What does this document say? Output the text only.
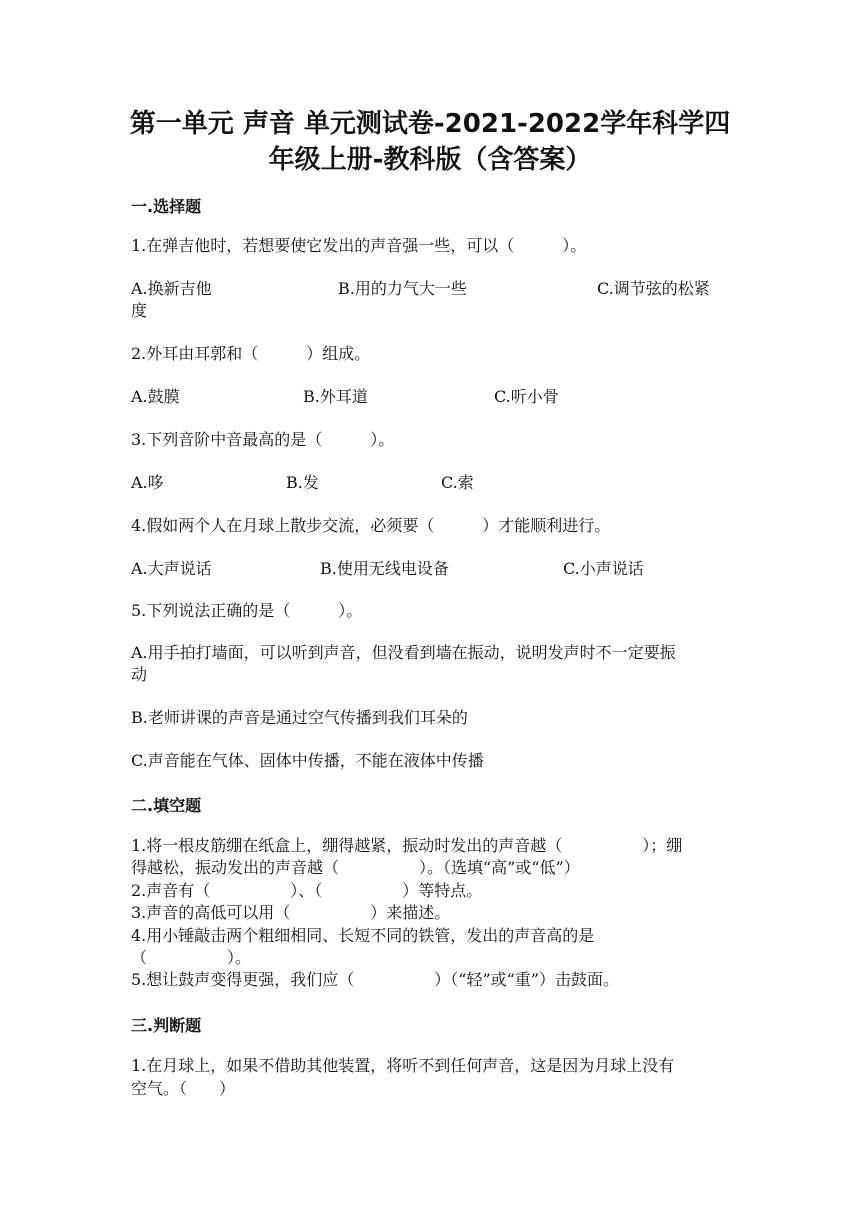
第一单元 声音 单元测试卷-2021-2022学年科学四
年级上册-教科版（含答案）
一.选择题
1.在弹吉他时，若想要使它发出的声音强一些，可以（　　　）。
A.换新吉他	B.用的力气大一些	C.调节弦的松紧
度
2.外耳由耳郭和（　　　）组成。
A.鼓膜	B.外耳道	C.听小骨
3.下列音阶中音最高的是（　　　）。
A.哆	B.发	C.索
4.假如两个人在月球上散步交流，必须要（　　　）才能顺利进行。
A.大声说话	B.使用无线电设备	C.小声说话
5.下列说法正确的是（　　　）。
A.用手拍打墙面，可以听到声音，但没看到墙在振动，说明发声时不一定要振
动
B.老师讲课的声音是通过空气传播到我们耳朵的
C.声音能在气体、固体中传播，不能在液体中传播
二.填空题
1.将一根皮筋绷在纸盒上，绷得越紧，振动时发出的声音越（　　　　　）；绷
得越松，振动发出的声音越（　　　　　）。（选填“高”或“低”）
2.声音有（　　　　　）、（　　　　　）等特点。
3.声音的高低可以用（　　　　　）来描述。
4.用小锤敲击两个粗细相同、长短不同的铁管，发出的声音高的是
（　　　　　）。
5.想让鼓声变得更强，我们应（　　　　　）（“轻”或“重”）击鼓面。
三.判断题
1.在月球上，如果不借助其他装置，将听不到任何声音，这是因为月球上没有
空气。（　　）
